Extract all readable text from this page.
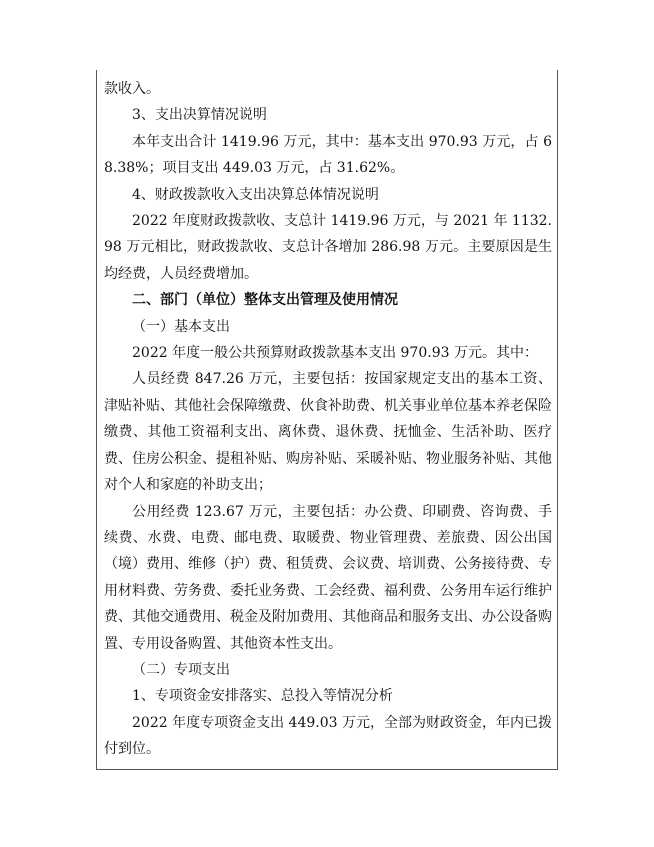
款收入。

3、支出决算情况说明

本年支出合计 1419.96 万元，其中：基本支出 970.93 万元，占 68.38%；项目支出 449.03 万元，占 31.62%。

4、财政拨款收入支出决算总体情况说明

2022 年度财政拨款收、支总计 1419.96 万元，与 2021 年 1132.98 万元相比，财政拨款收、支总计各增加 286.98 万元。主要原因是生均经费，人员经费增加。

二、部门（单位）整体支出管理及使用情况

（一）基本支出

2022 年度一般公共预算财政拨款基本支出 970.93 万元。其中：

人员经费 847.26 万元，主要包括：按国家规定支出的基本工资、津贴补贴、其他社会保障缴费、伙食补助费、机关事业单位基本养老保险缴费、其他工资福利支出、离休费、退休费、抚恤金、生活补助、医疗费、住房公积金、提租补贴、购房补贴、采暖补贴、物业服务补贴、其他对个人和家庭的补助支出；

公用经费 123.67 万元，主要包括：办公费、印刷费、咨询费、手续费、水费、电费、邮电费、取暖费、物业管理费、差旅费、因公出国（境）费用、维修（护）费、租赁费、会议费、培训费、公务接待费、专用材料费、劳务费、委托业务费、工会经费、福利费、公务用车运行维护费、其他交通费用、税金及附加费用、其他商品和服务支出、办公设备购置、专用设备购置、其他资本性支出。

（二）专项支出

1、专项资金安排落实、总投入等情况分析

2022 年度专项资金支出 449.03 万元，全部为财政资金，年内已拨付到位。
